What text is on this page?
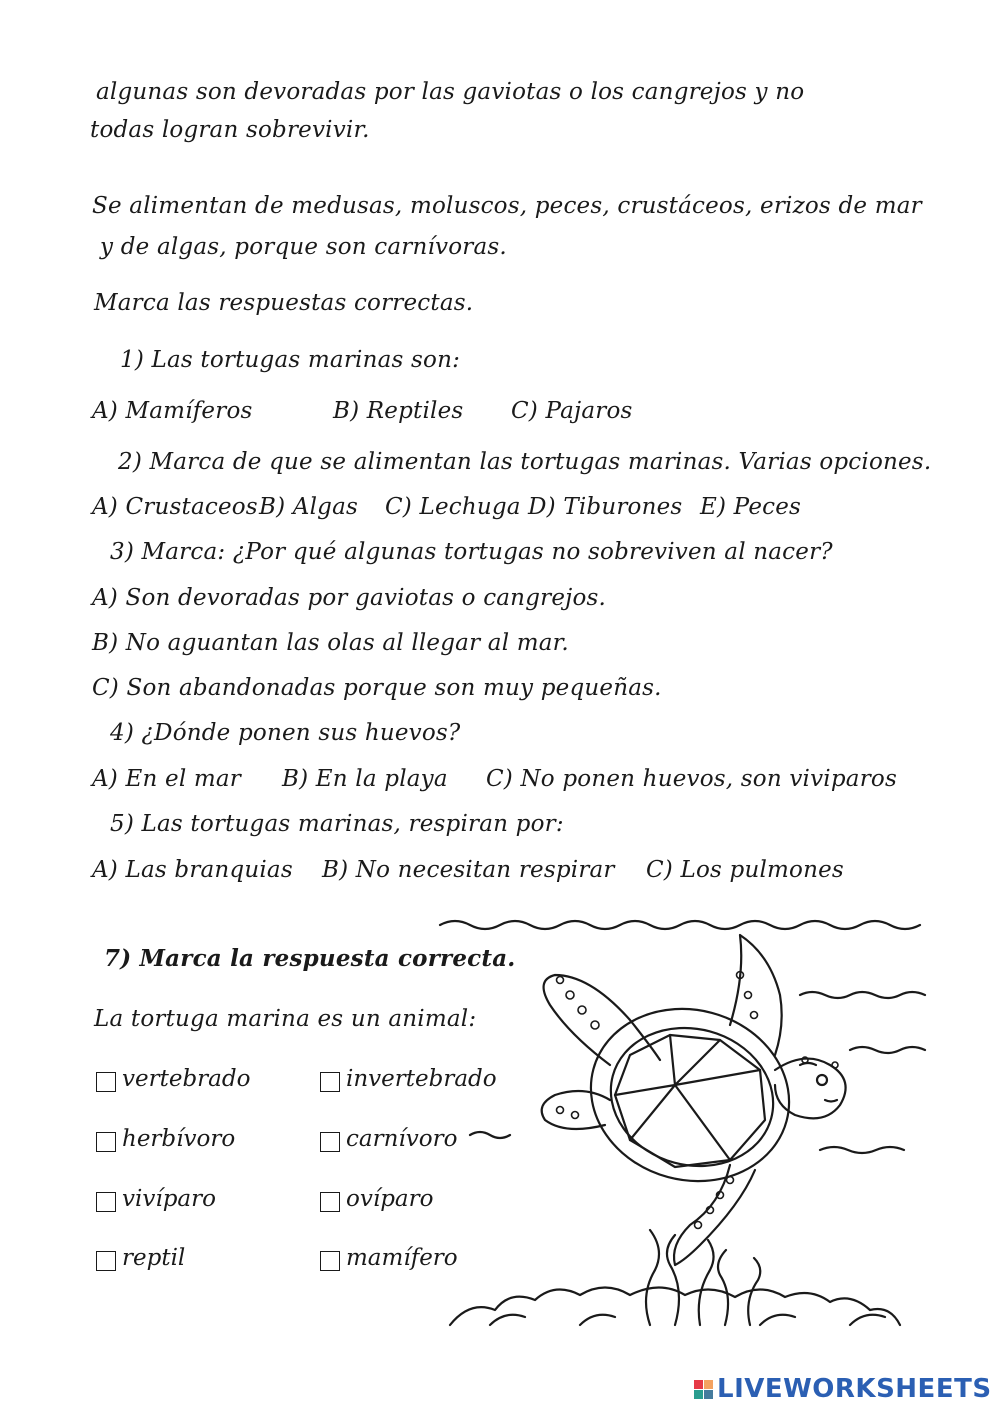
algunas son devoradas por las gaviotas o los cangrejos y no
todas logran sobrevivir.
Se alimentan de medusas, moluscos, peces, crustáceos, erizos de mar
y de algas, porque son carnívoras.
Marca las respuestas correctas.
1) Las tortugas marinas son:
A) Mamíferos	B) Reptiles C) Pajaros
2) Marca de que se alimentan las tortugas marinas. Varias opciones.
A) Crustaceos B) Algas C) Lechuga D) Tiburones E) Peces
3) Marca: ¿Por qué algunas tortugas no sobreviven al nacer?
A) Son devoradas por gaviotas o cangrejos.
B) No aguantan las olas al llegar al mar.
C) Son abandonadas porque son muy pequeñas.
4) ¿Dónde ponen sus huevos?
A) En el mar B) En la playa C) No ponen huevos, son viviparos
5) Las tortugas marinas, respiran por:
A) Las branquias B) No necesitan respirar C) Los pulmones
7) Marca la respuesta correcta.
La tortuga marina es un animal:
vertebrado	invertebrado
herbívoro	carnívoro
vivíparo	ovíparo
reptil	mamífero
LIVEWORKSHEETS
